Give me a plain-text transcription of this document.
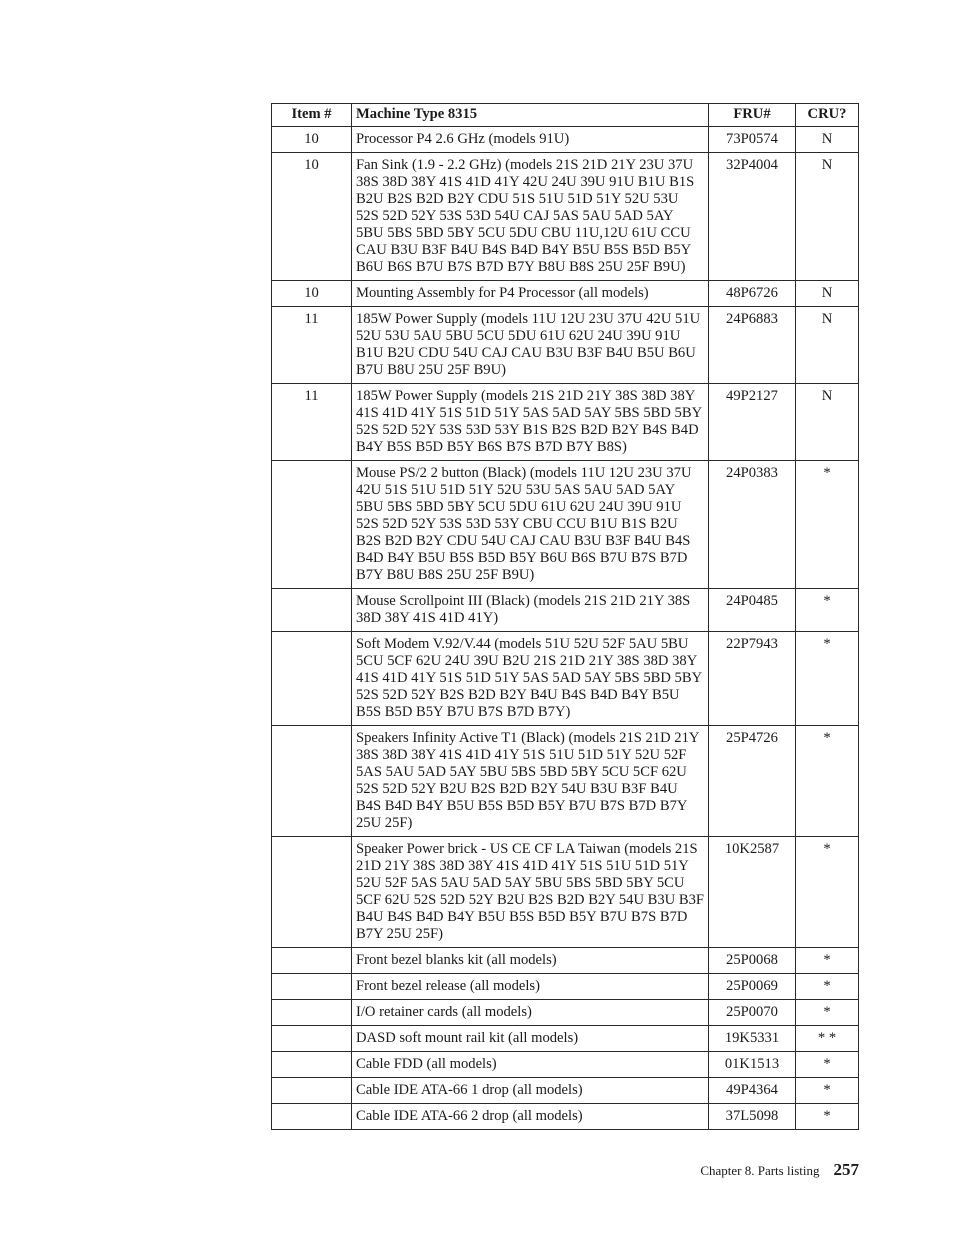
Item #	Machine Type 8315	FRU#	CRU?
10	Processor P4 2.6 GHz (models 91U)	73P0574	N
10	Fan Sink (1.9 - 2.2 GHz) (models 21S 21D 21Y 23U 37U 38S 38D 38Y 41S 41D 41Y 42U 24U 39U 91U B1U B1S B2U B2S B2D B2Y CDU 51S 51U 51D 51Y 52U 53U 52S 52D 52Y 53S 53D 54U CAJ 5AS 5AU 5AD 5AY 5BU 5BS 5BD 5BY 5CU 5DU CBU 11U,12U 61U CCU CAU B3U B3F B4U B4S B4D B4Y B5U B5S B5D B5Y B6U B6S B7U B7S B7D B7Y B8U B8S 25U 25F B9U)	32P4004	N
10	Mounting Assembly for P4 Processor (all models)	48P6726	N
11	185W Power Supply (models 11U 12U 23U 37U 42U 51U 52U 53U 5AU 5BU 5CU 5DU 61U 62U 24U 39U 91U B1U B2U CDU 54U CAJ CAU B3U B3F B4U B5U B6U B7U B8U 25U 25F B9U)	24P6883	N
11	185W Power Supply (models 21S 21D 21Y 38S 38D 38Y 41S 41D 41Y 51S 51D 51Y 5AS 5AD 5AY 5BS 5BD 5BY 52S 52D 52Y 53S 53D 53Y B1S B2S B2D B2Y B4S B4D B4Y B5S B5D B5Y B6S B7S B7D B7Y B8S)	49P2127	N
	Mouse PS/2 2 button (Black) (models 11U 12U 23U 37U 42U 51S 51U 51D 51Y 52U 53U 5AS 5AU 5AD 5AY 5BU 5BS 5BD 5BY 5CU 5DU 61U 62U 24U 39U 91U 52S 52D 52Y 53S 53D 53Y CBU CCU B1U B1S B2U B2S B2D B2Y CDU 54U CAJ CAU B3U B3F B4U B4S B4D B4Y B5U B5S B5D B5Y B6U B6S B7U B7S B7D B7Y B8U B8S 25U 25F B9U)	24P0383	*
	Mouse Scrollpoint III (Black) (models 21S 21D 21Y 38S 38D 38Y 41S 41D 41Y)	24P0485	*
	Soft Modem V.92/V.44 (models 51U 52U 52F 5AU 5BU 5CU 5CF 62U 24U 39U B2U 21S 21D 21Y 38S 38D 38Y 41S 41D 41Y 51S 51D 51Y 5AS 5AD 5AY 5BS 5BD 5BY 52S 52D 52Y B2S B2D B2Y B4U B4S B4D B4Y B5U B5S B5D B5Y B7U B7S B7D B7Y)	22P7943	*
	Speakers Infinity Active T1 (Black) (models 21S 21D 21Y 38S 38D 38Y 41S 41D 41Y 51S 51U 51D 51Y 52U 52F 5AS 5AU 5AD 5AY 5BU 5BS 5BD 5BY 5CU 5CF 62U 52S 52D 52Y B2U B2S B2D B2Y 54U B3U B3F B4U B4S B4D B4Y B5U B5S B5D B5Y B7U B7S B7D B7Y 25U 25F)	25P4726	*
	Speaker Power brick - US CE CF LA Taiwan (models 21S 21D 21Y 38S 38D 38Y 41S 41D 41Y 51S 51U 51D 51Y 52U 52F 5AS 5AU 5AD 5AY 5BU 5BS 5BD 5BY 5CU 5CF 62U 52S 52D 52Y B2U B2S B2D B2Y 54U B3U B3F B4U B4S B4D B4Y B5U B5S B5D B5Y B7U B7S B7D B7Y 25U 25F)	10K2587	*
	Front bezel blanks kit (all models)	25P0068	*
	Front bezel release (all models)	25P0069	*
	I/O retainer cards (all models)	25P0070	*
	DASD soft mount rail kit (all models)	19K5331	* *
	Cable FDD (all models)	01K1513	*
	Cable IDE ATA-66 1 drop (all models)	49P4364	*
	Cable IDE ATA-66 2 drop (all models)	37L5098	*
Chapter 8. Parts listing 257
